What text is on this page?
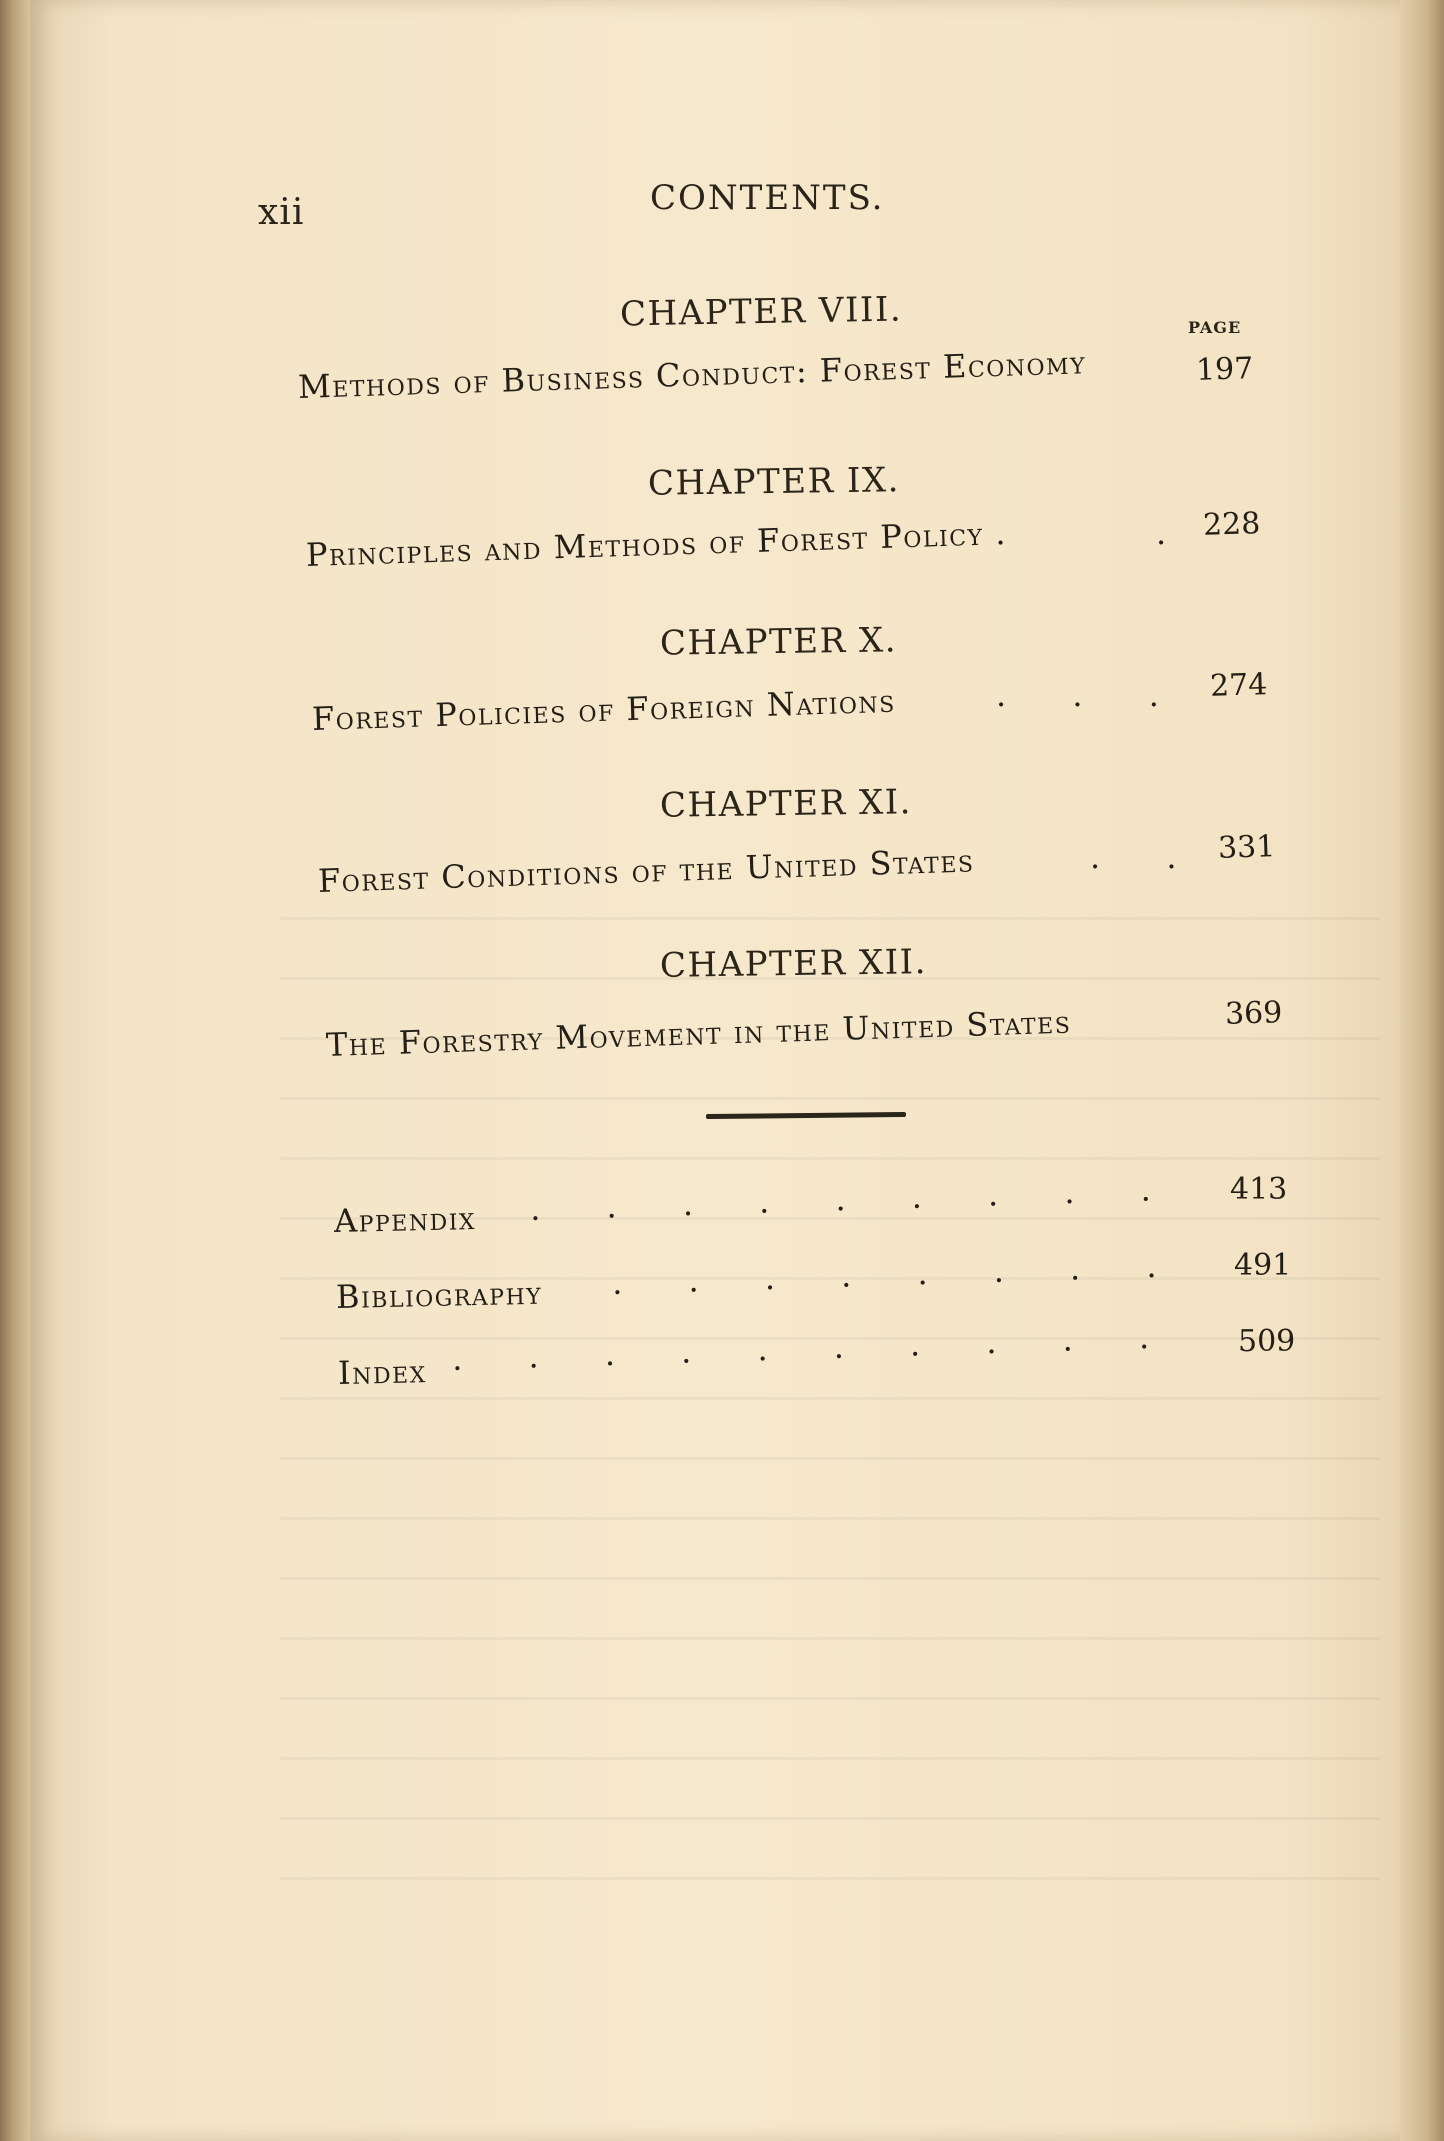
xii	CONTENTS.
CHAPTER VIII.	PAGE
Methods of Business Conduct: Forest Economy	197
CHAPTER IX.
Principles and Methods of Forest Policy .	. 228
CHAPTER X.
Forest Policies of Foreign Nations	. . . 274
CHAPTER XI.
Forest Conditions of the United States	. . 331
CHAPTER XII.
The Forestry Movement in the United States	369
Appendix . . . . . . . . . 413
Bibliography . . . . . . . . 491
Index . . . . . . . . . . 509
